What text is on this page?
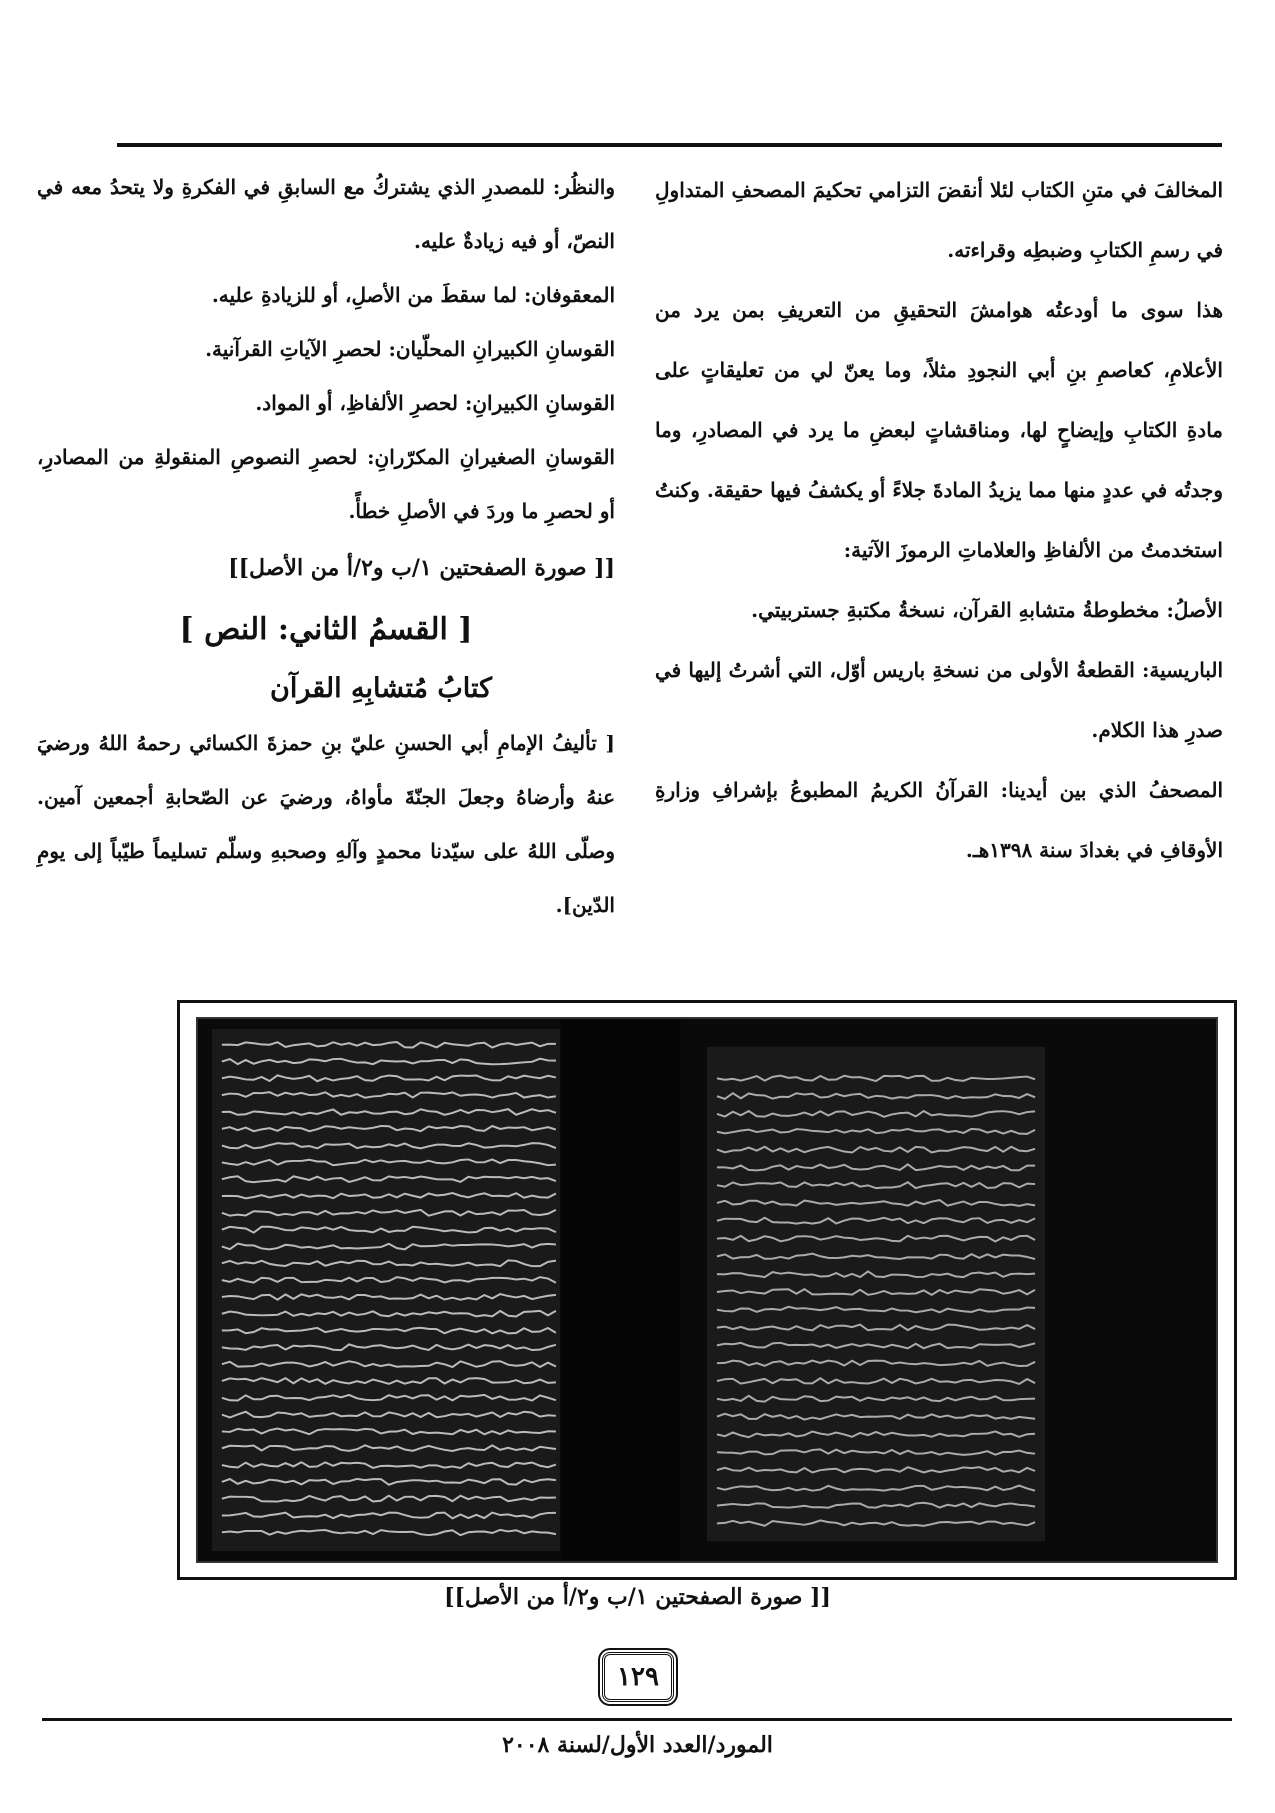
المخالفَ في متنِ الكتاب لئلا أنقضَ التزامي تحكيمَ المصحفِ المتداولِ في رسمِ الكتابِ وضبطِه وقراءته.

هذا سوى ما أودعتُه هوامشَ التحقيقِ من التعريفِ بمن يرد من الأعلامِ، كعاصمِ بنِ أبي النجودِ مثلاً، وما يعنّ لي من تعليقاتٍ على مادةِ الكتابِ وإيضاحٍ لها، ومناقشاتٍ لبعضِ ما يرد في المصادرِ، وما وجدتُه في عددٍ منها مما يزيدُ المادةَ جلاءً أو يكشفُ فيها حقيقة. وكنتُ استخدمتُ من الألفاظِ والعلاماتِ الرموزَ الآتية:

الأصلُ: مخطوطةُ متشابهِ القرآن، نسخةُ مكتبةِ جستربيتي.

الباريسية: القطعةُ الأولى من نسخةِ باريس أوّل، التي أشرتُ إليها في صدرِ هذا الكلام.

المصحفُ الذي بين أيدينا: القرآنُ الكريمُ المطبوعُ بإشرافِ وزارةِ الأوقافِ في بغدادَ سنة ١٣٩٨هـ.

والنظُر: للمصدرِ الذي يشتركُ مع السابقِ في الفكرةِ ولا يتحدُ معه في النصّ، أو فيه زيادةٌ عليه.

المعقوفان: لما سقطَ من الأصلِ، أو للزيادةِ عليه.

القوسانِ الكبيرانِ المحلّيان: لحصرِ الآياتِ القرآنية.

القوسانِ الكبيرانِ: لحصرِ الألفاظِ، أو المواد.

القوسانِ الصغيرانِ المكرّرانِ: لحصرِ النصوصِ المنقولةِ من المصادرِ، أو لحصرِ ما وردَ في الأصلِ خطأً.

[[ صورة الصفحتين ١/ب و٢/أ من الأصل]]

[ القسمُ الثاني: النص ]

كتابُ مُتشابِهِ القرآن

[ تأليفُ الإمامِ أبي الحسنِ عليّ بنِ حمزةَ الكسائي رحمهُ اللهُ ورضيَ عنهُ وأرضاهُ وجعلَ الجنّةَ مأواهُ، ورضيَ عن الصّحابةِ أجمعين آمين. وصلّى اللهُ على سيّدنا محمدٍ وآلهِ وصحبهِ وسلّم تسليماً طيّباً إلى يومِ الدّين].

[[ صورة الصفحتين ١/ب و٢/أ من الأصل]]
١٢٩
المورد/العدد الأول/لسنة ٢٠٠٨
